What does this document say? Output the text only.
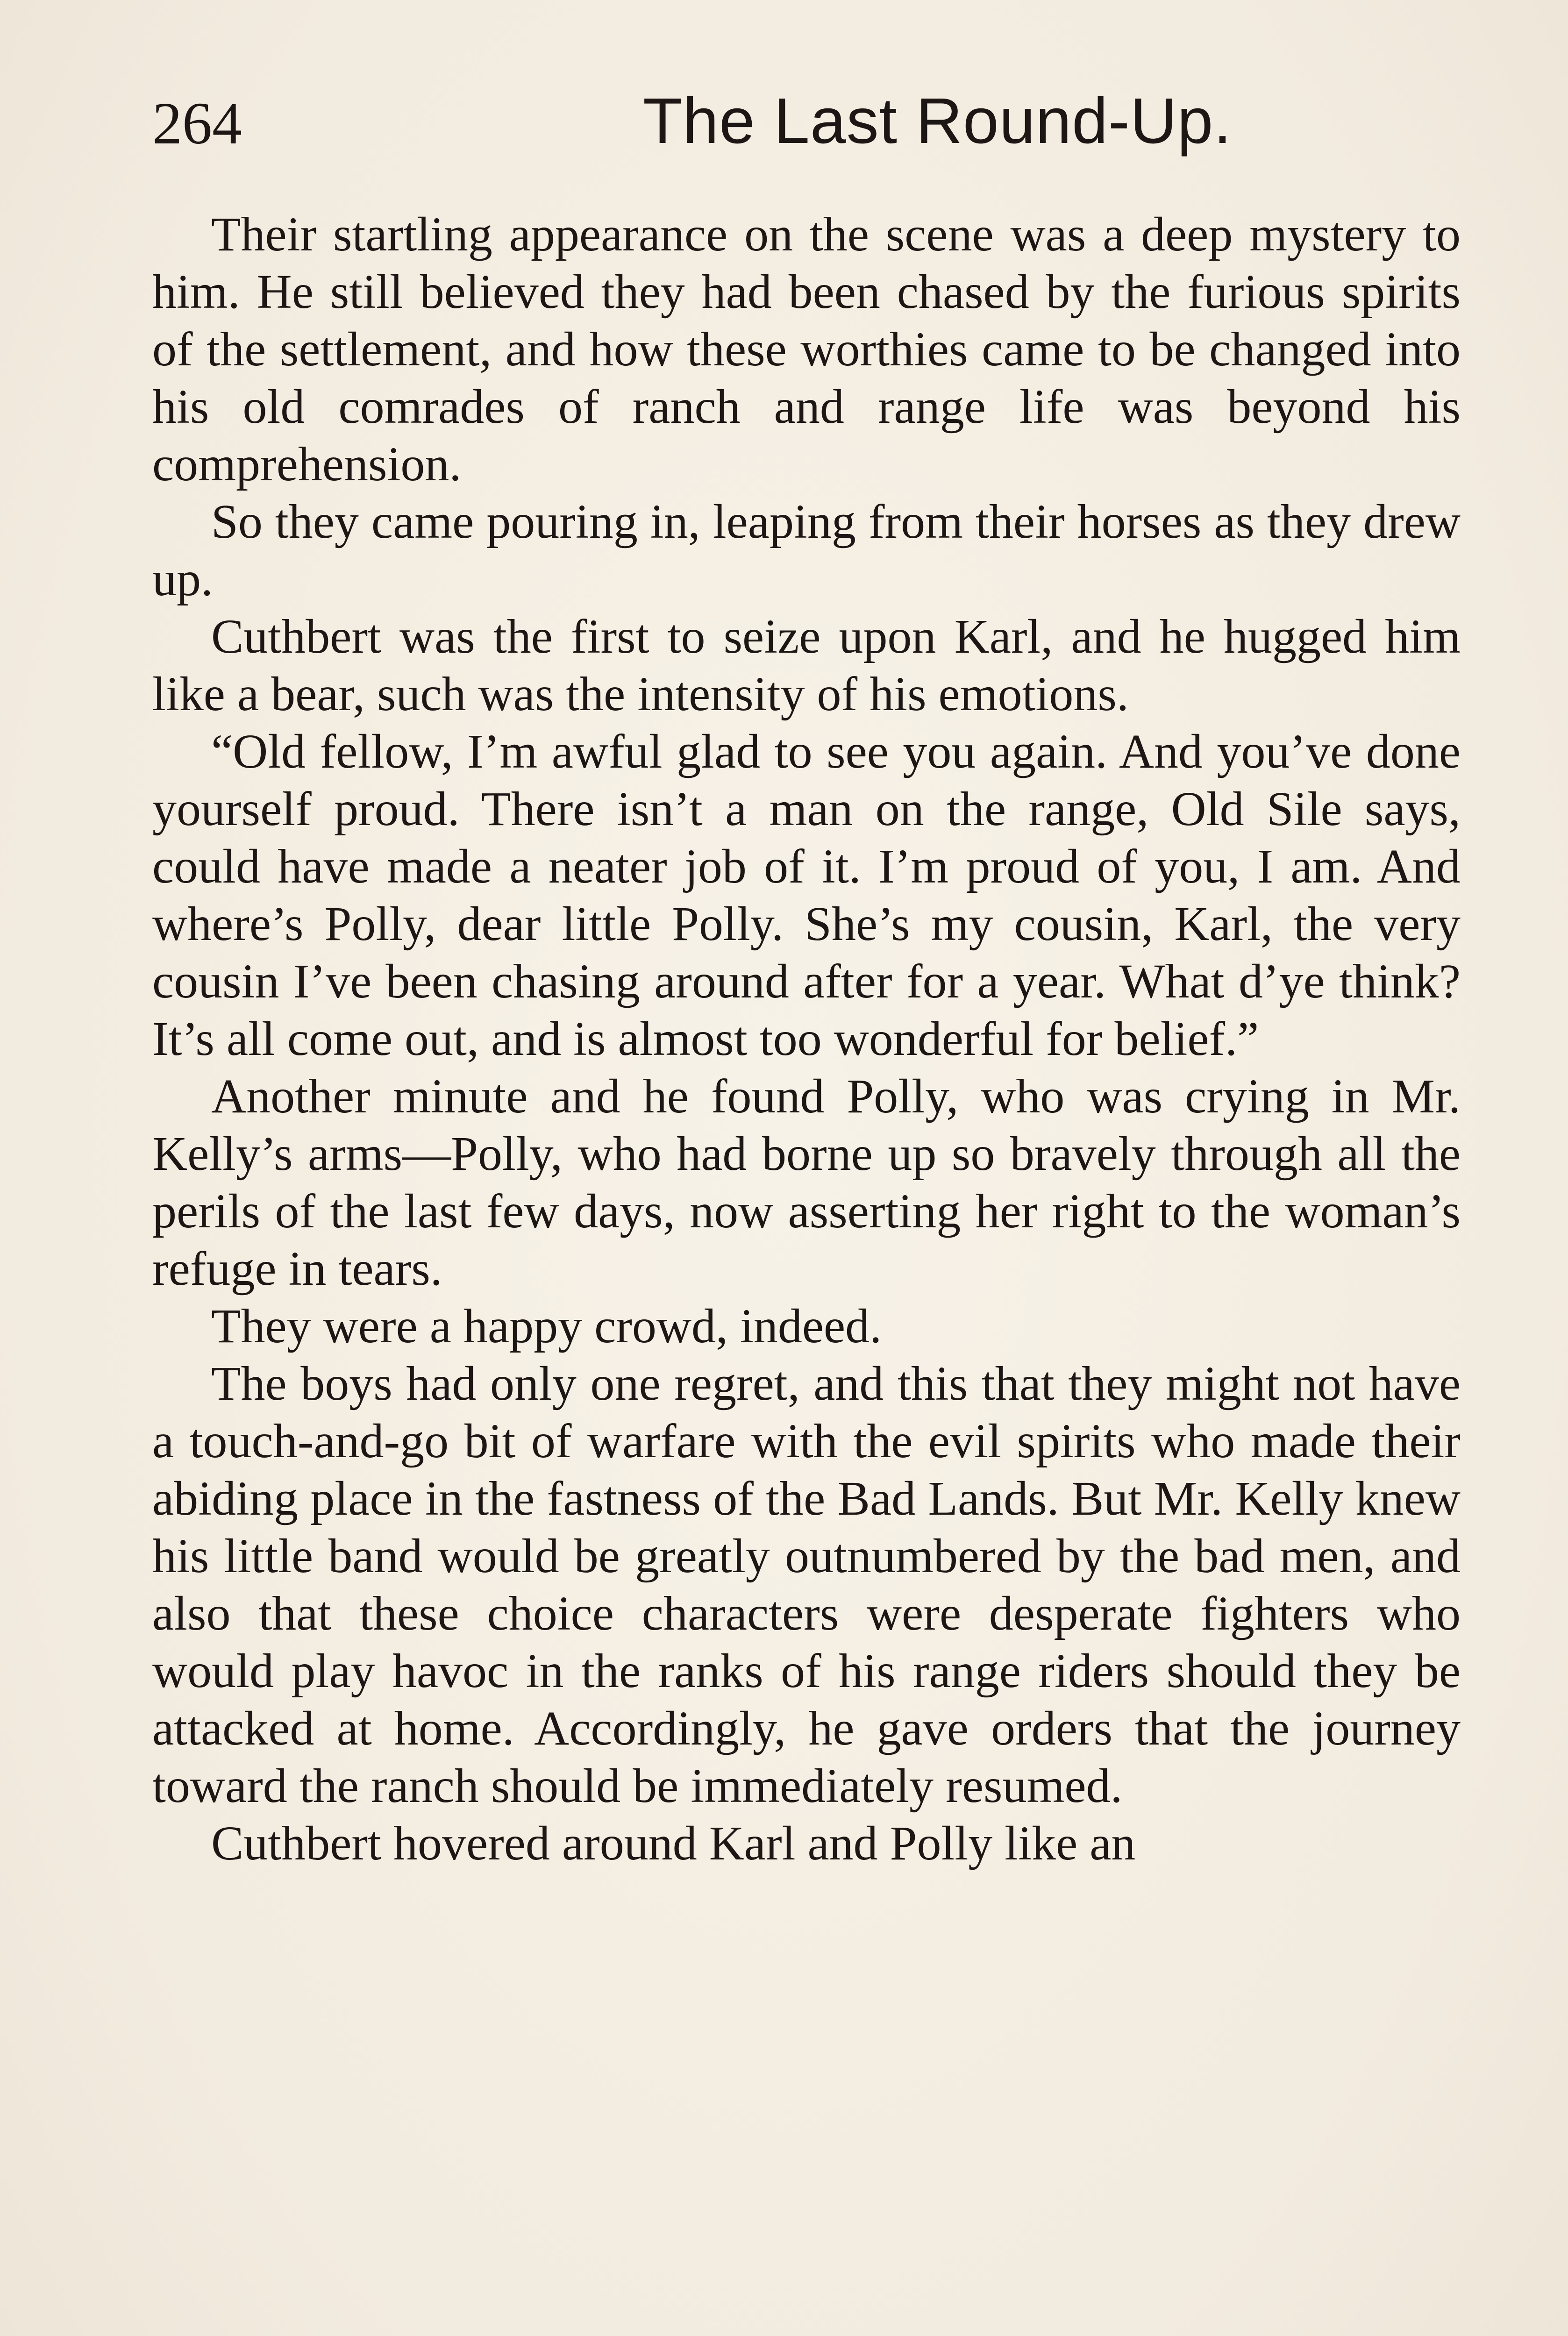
264	The Last Round-Up.

Their startling appearance on the scene was a deep mystery to him. He still believed they had been chased by the furious spirits of the settlement, and how these worthies came to be changed into his old comrades of ranch and range life was beyond his comprehension.

So they came pouring in, leaping from their horses as they drew up.

Cuthbert was the first to seize upon Karl, and he hugged him like a bear, such was the intensity of his emotions.

“Old fellow, I’m awful glad to see you again. And you’ve done yourself proud. There isn’t a man on the range, Old Sile says, could have made a neater job of it. I’m proud of you, I am. And where’s Polly, dear little Polly. She’s my cousin, Karl, the very cousin I’ve been chasing around after for a year. What d’ye think? It’s all come out, and is almost too wonderful for belief.”

Another minute and he found Polly, who was crying in Mr. Kelly’s arms—Polly, who had borne up so bravely through all the perils of the last few days, now asserting her right to the woman’s refuge in tears.

They were a happy crowd, indeed.

The boys had only one regret, and this that they might not have a touch-and-go bit of warfare with the evil spirits who made their abiding place in the fastness of the Bad Lands. But Mr. Kelly knew his little band would be greatly outnumbered by the bad men, and also that these choice characters were desperate fighters who would play havoc in the ranks of his range riders should they be attacked at home. Accordingly, he gave orders that the journey toward the ranch should be immediately resumed.

Cuthbert hovered around Karl and Polly like an
